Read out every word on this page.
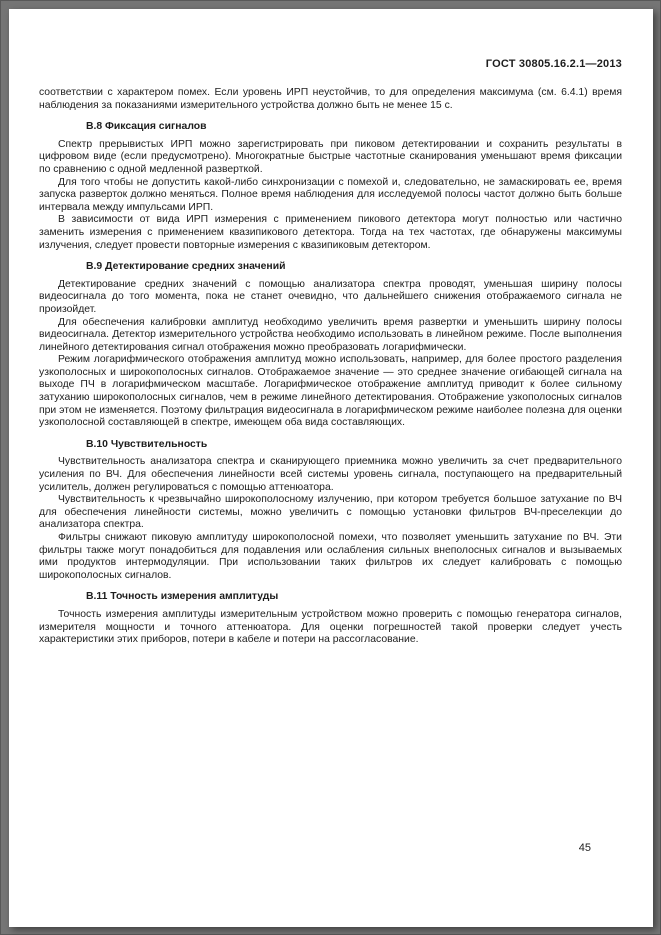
ГОСТ 30805.16.2.1—2013

соответствии с характером помех. Если уровень ИРП неустойчив, то для определения максимума (см. 6.4.1) время наблюдения за показаниями измерительного устройства должно быть не менее 15 с.

В.8 Фиксация сигналов

Спектр прерывистых ИРП можно зарегистрировать при пиковом детектировании и сохранить результаты в цифровом виде (если предусмотрено). Многократные быстрые частотные сканирования уменьшают время фиксации по сравнению с одной медленной разверткой.

Для того чтобы не допустить какой-либо синхронизации с помехой и, следовательно, не замаскировать ее, время запуска разверток должно меняться. Полное время наблюдения для исследуемой полосы частот должно быть больше интервала между импульсами ИРП.

В зависимости от вида ИРП измерения с применением пикового детектора могут полностью или частично заменить измерения с применением квазипикового детектора. Тогда на тех частотах, где обнаружены максимумы излучения, следует провести повторные измерения с квазипиковым детектором.

В.9 Детектирование средних значений

Детектирование средних значений с помощью анализатора спектра проводят, уменьшая ширину полосы видеосигнала до того момента, пока не станет очевидно, что дальнейшего снижения отображаемого сигнала не произойдет.

Для обеспечения калибровки амплитуд необходимо увеличить время развертки и уменьшить ширину полосы видеосигнала. Детектор измерительного устройства необходимо использовать в линейном режиме. После выполнения линейного детектирования сигнал отображения можно преобразовать логарифмически.

Режим логарифмического отображения амплитуд можно использовать, например, для более простого разделения узкополосных и широкополосных сигналов. Отображаемое значение — это среднее значение огибающей сигнала на выходе ПЧ в логарифмическом масштабе. Логарифмическое отображение амплитуд приводит к более сильному затуханию широкополосных сигналов, чем в режиме линейного детектирования. Отображение узкополосных сигналов при этом не изменяется. Поэтому фильтрация видеосигнала в логарифмическом режиме наиболее полезна для оценки узкополосной составляющей в спектре, имеющем оба вида составляющих.

В.10 Чувствительность

Чувствительность анализатора спектра и сканирующего приемника можно увеличить за счет предварительного усиления по ВЧ. Для обеспечения линейности всей системы уровень сигнала, поступающего на предварительный усилитель, должен регулироваться с помощью аттенюатора.

Чувствительность к чрезвычайно широкополосному излучению, при котором требуется большое затухание по ВЧ для обеспечения линейности системы, можно увеличить с помощью установки фильтров ВЧ-преселекции до анализатора спектра.

Фильтры снижают пиковую амплитуду широкополосной помехи, что позволяет уменьшить затухание по ВЧ. Эти фильтры также могут понадобиться для подавления или ослабления сильных внеполосных сигналов и вызываемых ими продуктов интермодуляции. При использовании таких фильтров их следует калибровать с помощью широкополосных сигналов.

В.11 Точность измерения амплитуды

Точность измерения амплитуды измерительным устройством можно проверить с помощью генератора сигналов, измерителя мощности и точного аттенюатора. Для оценки погрешностей такой проверки следует учесть характеристики этих приборов, потери в кабеле и потери на рассогласование.

45
